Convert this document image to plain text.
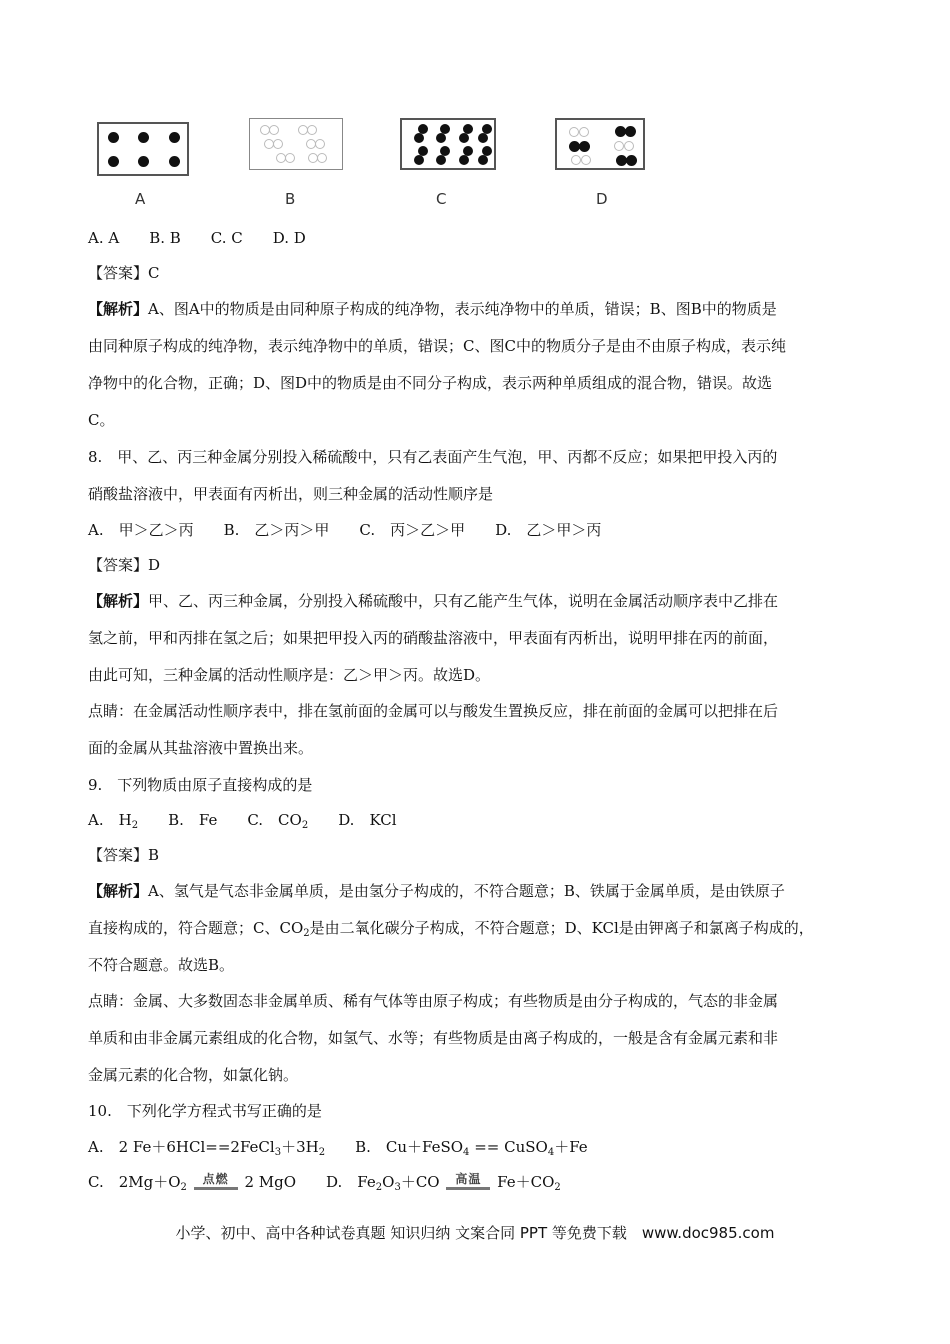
A	B	C	D
A. A　　B. B　　C. C　　D. D
【答案】C
【解析】A、图A中的物质是由同种原子构成的纯净物，表示纯净物中的单质，错误；B、图B中的物质是
由同种原子构成的纯净物，表示纯净物中的单质，错误；C、图C中的物质分子是由不由原子构成，表示纯
净物中的化合物，正确；D、图D中的物质是由不同分子构成，表示两种单质组成的混合物，错误。故选
C。
8.　甲、乙、丙三种金属分别投入稀硫酸中，只有乙表面产生气泡，甲、丙都不反应；如果把甲投入丙的
硝酸盐溶液中，甲表面有丙析出，则三种金属的活动性顺序是
A.　甲＞乙＞丙　　B.　乙＞丙＞甲　　C.　丙＞乙＞甲　　D.　乙＞甲＞丙
【答案】D
【解析】甲、乙、丙三种金属，分别投入稀硫酸中，只有乙能产生气体，说明在金属活动顺序表中乙排在
氢之前，甲和丙排在氢之后；如果把甲投入丙的硝酸盐溶液中，甲表面有丙析出，说明甲排在丙的前面，
由此可知，三种金属的活动性顺序是：乙＞甲＞丙。故选D。
点睛：在金属活动性顺序表中，排在氢前面的金属可以与酸发生置换反应，排在前面的金属可以把排在后
面的金属从其盐溶液中置换出来。
9.　下列物质由原子直接构成的是
A.　$H_2$　　B.　Fe　　C.　$CO_2$　　D.　KCl
【答案】B
【解析】A、氢气是气态非金属单质，是由氢分子构成的，不符合题意；B、铁属于金属单质，是由铁原子
直接构成的，符合题意；C、$CO_2$是由二氧化碳分子构成，不符合题意；D、KCl是由钾离子和氯离子构成的，
不符合题意。故选B。
点睛：金属、大多数固态非金属单质、稀有气体等由原子构成；有些物质是由分子构成的，气态的非金属
单质和由非金属元素组成的化合物，如氢气、水等；有些物质是由离子构成的，一般是含有金属元素和非
金属元素的化合物，如氯化钠。
10.　下列化学方程式书写正确的是
A.　2 $Fe+6HCl==2FeCl_3+3H_2$　　B.　Cu＋FeSO$_4$ == CuSO$_4$＋Fe
C.　$2Mg+O_2$
点燃	2 MgO　　D.　$Fe_2O_3+CO$	高温	$Fe+CO_2$
小学、初中、高中各种试卷真题 知识归纳 文案合同 PPT 等免费下载　www.doc985.com
